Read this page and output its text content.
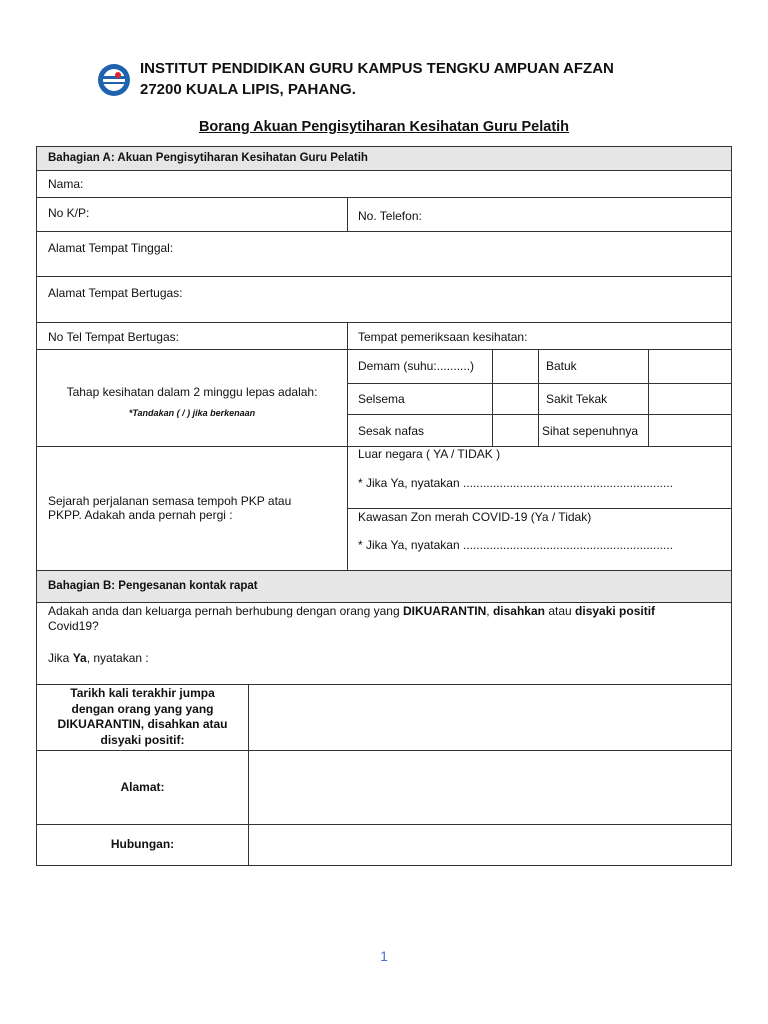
INSTITUT PENDIDIKAN GURU KAMPUS TENGKU AMPUAN AFZAN
27200 KUALA LIPIS, PAHANG.
Borang Akuan Pengisytiharan Kesihatan Guru Pelatih
Bahagian A: Akuan Pengisytiharan Kesihatan Guru Pelatih
Nama:
No K/P:	No. Telefon:
Alamat Tempat Tinggal:
Alamat Tempat Bertugas:
No Tel Tempat Bertugas:	Tempat pemeriksaan kesihatan:
Tahap kesihatan dalam 2 minggu lepas adalah:
*Tandakan ( / ) jika berkenaan
Demam (suhu:..........)	Batuk
Selsema	Sakit Tekak
Sesak nafas	Sihat sepenuhnya
Sejarah perjalanan semasa tempoh PKP atau
PKPP. Adakah anda pernah pergi :
Luar negara ( YA / TIDAK )
* Jika Ya, nyatakan ...............................................................
Kawasan Zon merah COVID-19 (Ya / Tidak)
* Jika Ya, nyatakan ...............................................................
Bahagian B: Pengesanan kontak rapat
Adakah anda dan keluarga pernah berhubung dengan orang yang DIKUARANTIN, disahkan atau disyaki positif
Covid19?
Jika Ya, nyatakan :
Tarikh kali terakhir jumpa
dengan orang yang yang
DIKUARANTIN, disahkan atau
disyaki positif:
Alamat:
Hubungan:
1
